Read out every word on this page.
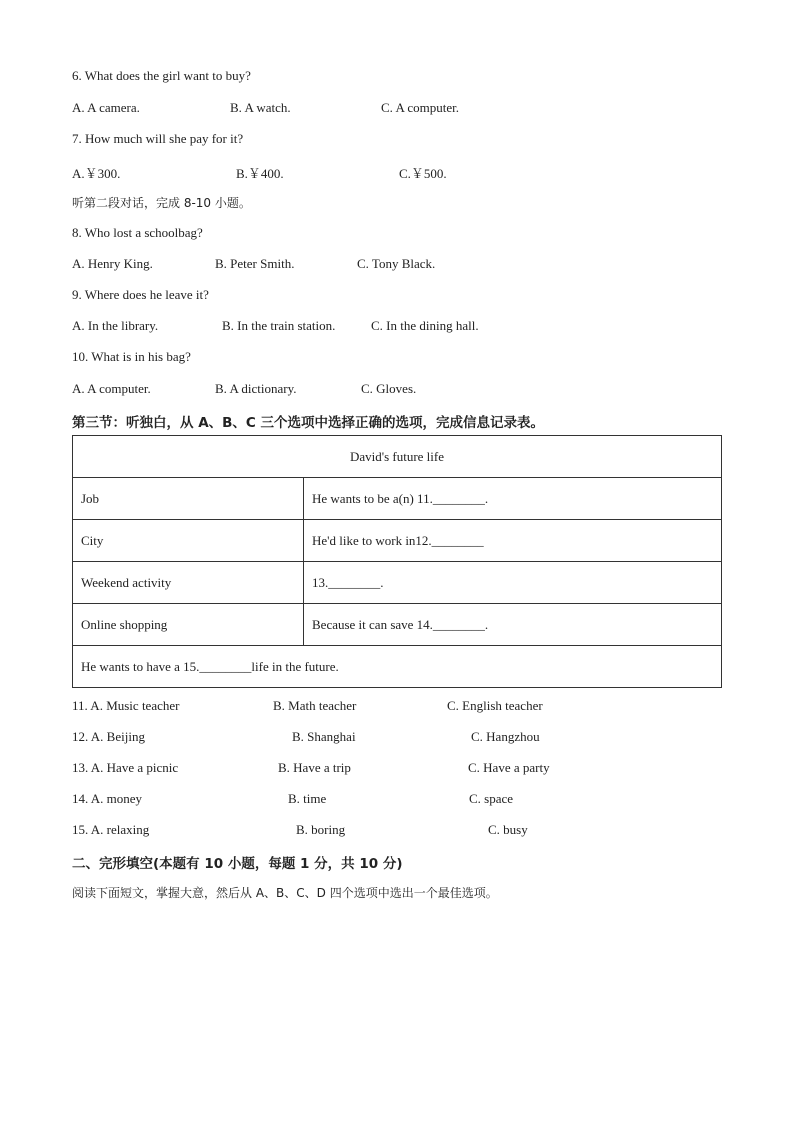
6. What does the girl want to buy?
A. A camera.	B. A watch.	C. A computer.
7. How much will she pay for it?
A.￥300.	B.￥400.	C.￥500.
听第二段对话，完成 8-10 小题。
8. Who lost a schoolbag?
A. Henry King.	B. Peter Smith.	C. Tony Black.
9. Where does he leave it?
A. In the library.	B. In the train station.	C. In the dining hall.
10. What is in his bag?
A. A computer.	B. A dictionary.	C. Gloves.
第三节：听独白，从 A、B、C 三个选项中选择正确的选项，完成信息记录表。
David's future life	
Job	He wants to be a(n) 11.________.
City	He'd like to work in12.________
Weekend activity	13.________.
Online shopping	Because it can save 14.________.
He wants to have a 15.________life in the future.	
11. A. Music teacher	B. Math teacher	C. English teacher
12. A. Beijing	B. Shanghai	C. Hangzhou
13. A. Have a picnic	B. Have a trip	C. Have a party
14. A. money	B. time	C. space
15. A. relaxing	B. boring	C. busy
二、完形填空(本题有 10 小题，每题 1 分，共 10 分)
阅读下面短文，掌握大意，然后从 A、B、C、D 四个选项中选出一个最佳选项。
